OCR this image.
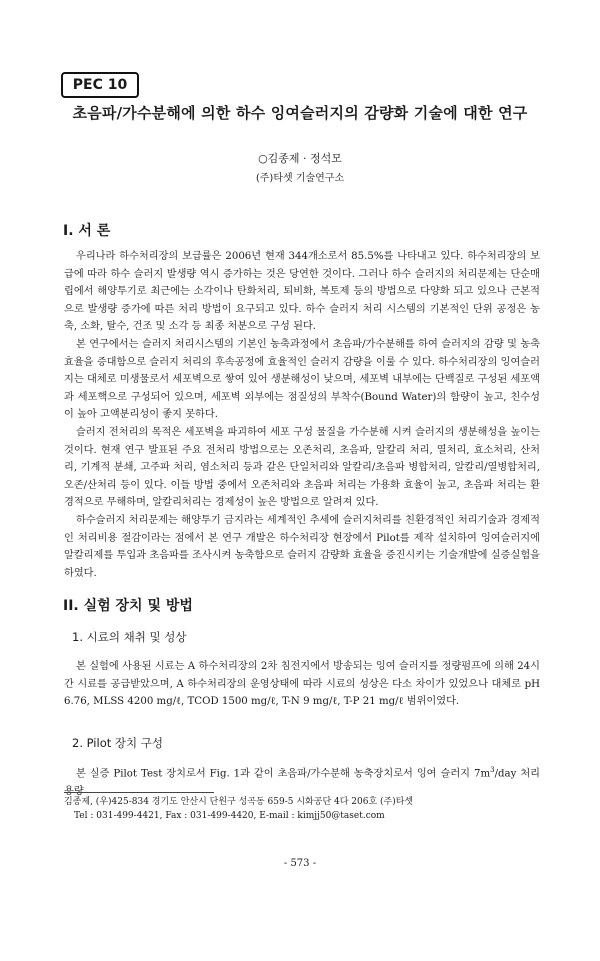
PEC 10
초음파/가수분해에 의한 하수 잉여슬러지의 감량화 기술에 대한 연구
○김종제 · 정석모
(주)타셋 기술연구소
I. 서 론

우리나라 하수처리장의 보급률은 2006년 현재 344개소로서 85.5%를 나타내고 있다. 하수처리장의 보급에 따라 하수 슬러지 발생량 역시 증가하는 것은 당연한 것이다. 그러나 하수 슬러지의 처리문제는 단순매립에서 해양투기로 최근에는 소각이나 탄화처리, 퇴비화, 복토제 등의 방법으로 다양화 되고 있으나 근본적으로 발생량 증가에 따른 처리 방법이 요구되고 있다. 하수 슬러지 처리 시스템의 기본적인 단위 공정은 농축, 소화, 탈수, 건조 및 소각 등 최종 처분으로 구성 된다.

본 연구에서는 슬러지 처리시스템의 기본인 농축과정에서 초음파/가수분해를 하여 슬러지의 감량 및 농축효율을 증대함으로 슬러지 처리의 후속공정에 효율적인 슬러지 감량을 이룰 수 있다. 하수처리장의 잉여슬러지는 대체로 미생물로서 세포벽으로 쌓여 있어 생분해성이 낮으며, 세포벽 내부에는 단백질로 구성된 세포액과 세포핵으로 구성되어 있으며, 세포벽 외부에는 점질성의 부착수(Bound Water)의 함량이 높고, 친수성이 높아 고액분리성이 좋지 못하다.

슬러지 전처리의 목적은 세포벽을 파괴하여 세포 구성 물질을 가수분해 시켜 슬러지의 생분해성을 높이는 것이다. 현재 연구 발표된 주요 전처리 방법으로는 오존처리, 초음파, 알칼리 처리, 열처리, 효소처리, 산처리, 기계적 분쇄, 고주파 처리, 염소처리 등과 같은 단일처리와 알칼리/초음파 병합처리, 알칼리/열병합처리, 오존/산처리 등이 있다. 이들 방법 중에서 오존처리와 초음파 처리는 가용화 효율이 높고, 초음파 처리는 환경적으로 무해하며, 알칼리처리는 경제성이 높은 방법으로 알려져 있다.

하수슬러지 처리문제는 해양투기 금지라는 세계적인 추세에 슬러지처리를 친환경적인 처리기술과 경제적인 처리비용 절감이라는 점에서 본 연구 개발은 하수처리장 현장에서 Pilot를 제작 설치하여 잉여슬러지에 알칼리제를 투입과 초음파를 조사시켜 농축함으로 슬러지 감량화 효율을 증진시키는 기술개발에 실증실험을 하였다.

II. 실험 장치 및 방법
1. 시료의 채취 및 성상

본 실험에 사용된 시료는 A 하수처리장의 2차 침전지에서 방송되는 잉여 슬러지를 정량펌프에 의해 24시간 시료를 공급받았으며, A 하수처리장의 운영상태에 따라 시료의 성상은 다소 차이가 있었으나 대체로 pH 6.76, MLSS 4200 mg/ℓ, TCOD 1500 mg/ℓ, T-N 9 mg/ℓ, T-P 21 mg/ℓ 범위이였다.

2. Pilot 장치 구성

본 실증 Pilot Test 장치로서 Fig. 1과 같이 초음파/가수분해 농축장치로서 잉여 슬러지 $7m^3$/day 처리

김종제, (우)425-834 경기도 안산시 단원구 성곡동 659-5 시화공단 4다 206호 (주)타셋
Tel : 031-499-4421, Fax : 031-499-4420, E-mail : kimjj50@taset.com
- 573 -
